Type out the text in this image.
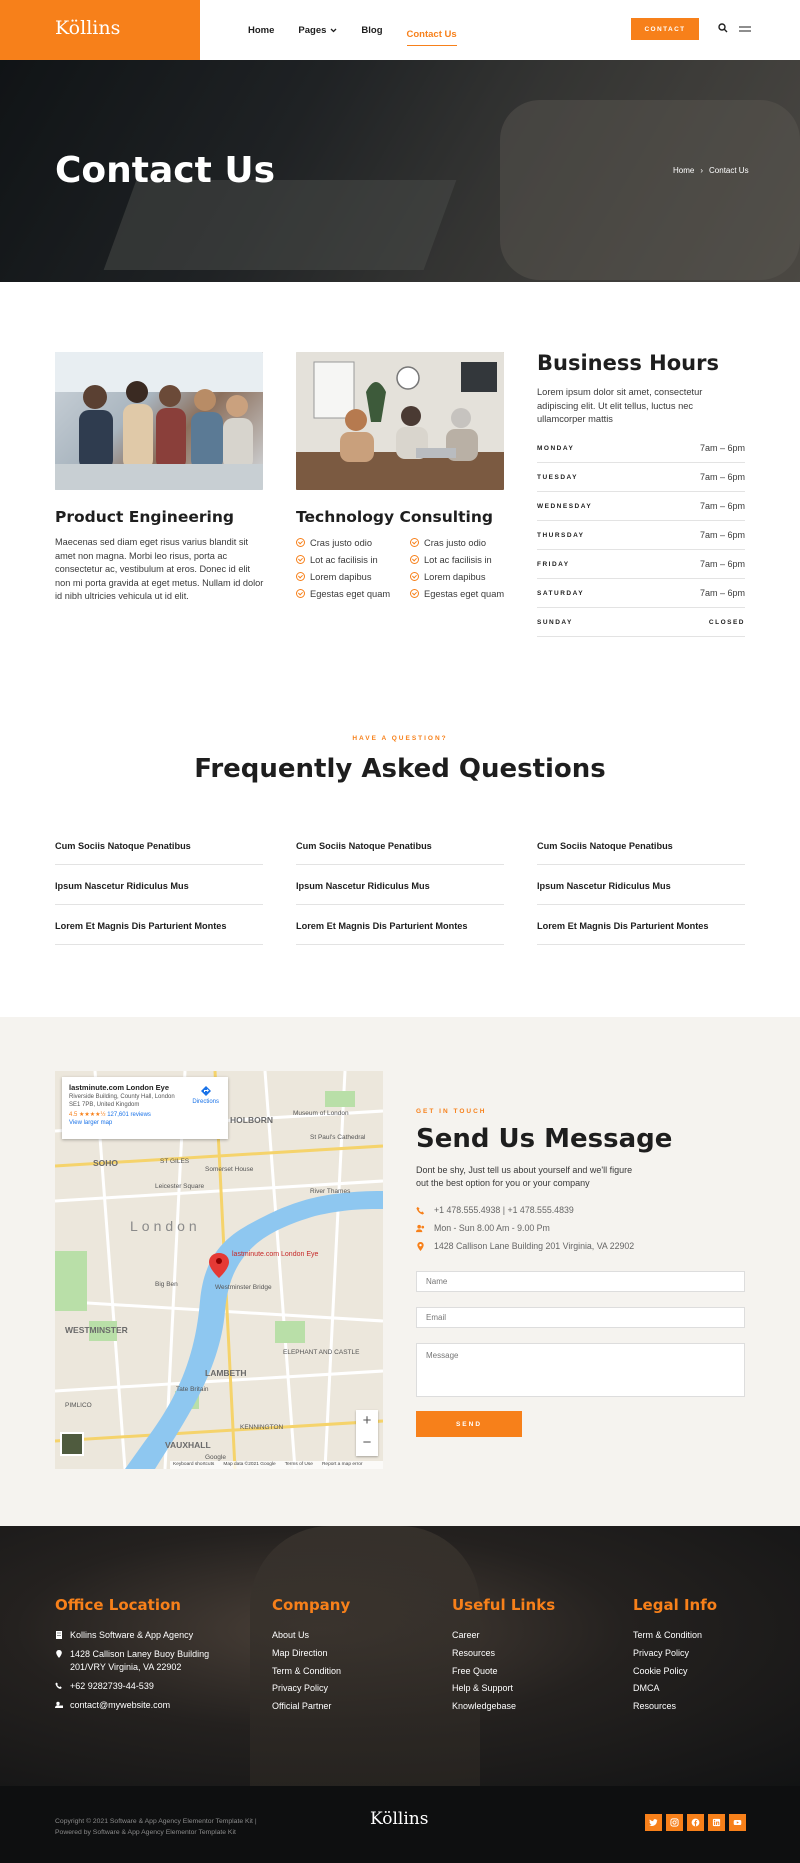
Köllins	Home	Pages	Blog	Contact Us	CONTACT
Contact Us	Home › Contact Us
Product Engineering
Maecenas sed diam eget risus varius blandit sit amet non magna. Morbi leo risus, porta ac consectetur ac, vestibulum at eros. Donec id elit non mi porta gravida at eget metus. Nullam id dolor id nibh ultricies vehicula ut id elit.
Technology Consulting
Cras justo odio
Lot ac facilisis in
Lorem dapibus
Egestas eget quam
Cras justo odio
Lot ac facilisis in
Lorem dapibus
Egestas eget quam
Business Hours
Lorem ipsum dolor sit amet, consectetur adipiscing elit. Ut elit tellus, luctus nec ullamcorper mattis
MONDAY	7am – 6pm
TUESDAY	7am – 6pm
WEDNESDAY	7am – 6pm
THURSDAY	7am – 6pm
FRIDAY	7am – 6pm
SATURDAY	7am – 6pm
SUNDAY	CLOSED
HAVE A QUESTION?
Frequently Asked Questions
Cum Sociis Natoque Penatibus
Ipsum Nascetur Ridiculus Mus
Lorem Et Magnis Dis Parturient Montes
Cum Sociis Natoque Penatibus
Ipsum Nascetur Ridiculus Mus
Lorem Et Magnis Dis Parturient Montes
Cum Sociis Natoque Penatibus
Ipsum Nascetur Ridiculus Mus
Lorem Et Magnis Dis Parturient Montes
HOLBORN
SOHO
WESTMINSTER
LAMBETH
VAUXHALL
St Paul's Cathedral
Museum of London
ST GILES
Somerset House
Leicester Square
Big Ben	Westminster Bridge
ELEPHANT AND CASTLE
Tate Britain
PIMLICO
KENNINGTON
River Thames
Google
London
lastminute.com London Eye
lastminute.com London Eye
Riverside Building, County Hall, London SE1 7PB, United Kingdom
4.5 ★★★★½ 127,601 reviews
View larger map
Directions
+
−
Keyboard shortcuts Map data ©2021 Google Terms of Use Report a map error
GET IN TOUCH
Send Us Message
Dont be shy, Just tell us about yourself and we'll figure out the best option for you or your company
+1 478.555.4938 | +1 478.555.4839
Mon - Sun 8.00 Am - 9.00 Pm
1428 Callison Lane Building 201 Virginia, VA 22902
Name
Email
Message
SEND
Office Location
Kollins Software & App Agency
1428 Callison Laney Buoy Building 201/VRY Virginia, VA 22902
+62 9282739-44-539
contact@mywebsite.com
Company
About Us
Map Direction
Term & Condition
Privacy Policy
Official Partner
Useful Links
Career
Resources
Free Quote
Help & Support
Knowledgebase
Legal Info
Term & Condition
Privacy Policy
Cookie Policy
DMCA
Resources
Copyright © 2021 Software & App Agency Elementor Template Kit |
Powered by Software & App Agency Elementor Template Kit
Köllins
